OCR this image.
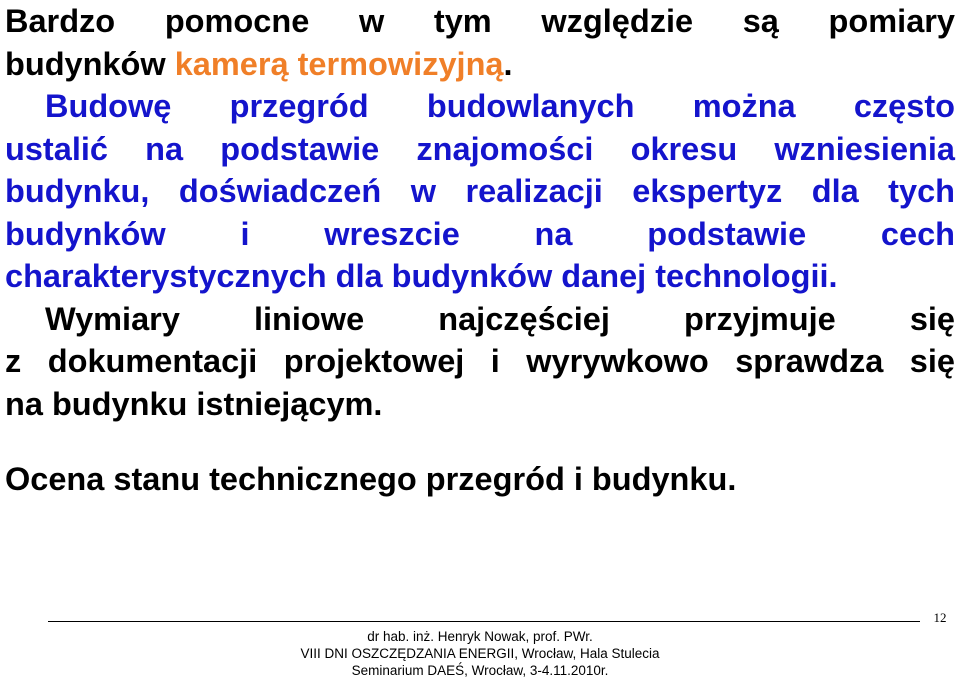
Bardzo pomocne w tym względzie są pomiary
budynków kamerą termowizyjną.
Budowę przegród budowlanych można często
ustalić na podstawie znajomości okresu wzniesienia
budynku, doświadczeń w realizacji ekspertyz dla tych
budynków i wreszcie na podstawie cech
charakterystycznych dla budynków danej technologii.
Wymiary liniowe najczęściej przyjmuje się
z dokumentacji projektowej i wyrywkowo sprawdza się
na budynku istniejącym.
Ocena stanu technicznego przegród i budynku.
12
dr hab. inż. Henryk Nowak, prof. PWr.
VIII DNI OSZCZĘDZANIA ENERGII, Wrocław, Hala Stulecia
Seminarium DAEŚ, Wrocław, 3-4.11.2010r.
